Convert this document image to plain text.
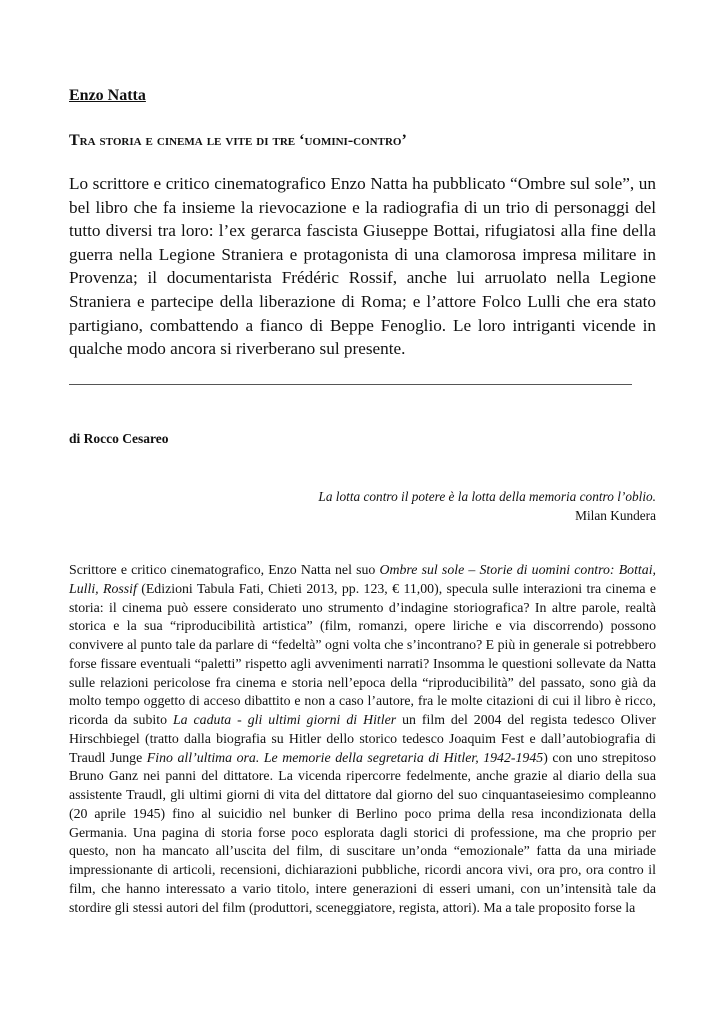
Enzo Natta
Tra storia e cinema le vite di tre ‘uomini-contro’

Lo scrittore e critico cinematografico Enzo Natta ha pubblicato “Ombre sul sole”, un bel libro che fa insieme la rievocazione e la radiografia di un trio di personaggi del tutto diversi tra loro: l’ex gerarca fascista Giuseppe Bottai, rifugiatosi alla fine della guerra nella Legione Straniera e protagonista di una clamorosa impresa militare in Provenza; il documentarista Frédéric Rossif, anche lui arruolato nella Legione Straniera e partecipe della liberazione di Roma; e l’attore Folco Lulli che era stato partigiano, combattendo a fianco di Beppe Fenoglio. Le loro intriganti vicende in qualche modo ancora si riverberano sul presente.

di Rocco Cesareo
La lotta contro il potere è la lotta della memoria contro l’oblio.
Milan Kundera

Scrittore e critico cinematografico, Enzo Natta nel suo Ombre sul sole – Storie di uomini contro: Bottai, Lulli, Rossif (Edizioni Tabula Fati, Chieti 2013, pp. 123, € 11,00), specula sulle interazioni tra cinema e storia: il cinema può essere considerato uno strumento d’indagine storiografica? In altre parole, realtà storica e la sua “riproducibilità artistica” (film, romanzi, opere liriche e via discorrendo) possono convivere al punto tale da parlare di “fedeltà” ogni volta che s’incontrano? E più in generale si potrebbero forse fissare eventuali “paletti” rispetto agli avvenimenti narrati? Insomma le questioni sollevate da Natta sulle relazioni pericolose fra cinema e storia nell’epoca della “riproducibilità” del passato, sono già da molto tempo oggetto di acceso dibattito e non a caso l’autore, fra le molte citazioni di cui il libro è ricco, ricorda da subito La caduta - gli ultimi giorni di Hitler un film del 2004 del regista tedesco Oliver Hirschbiegel (tratto dalla biografia su Hitler dello storico tedesco Joaquim Fest e dall’autobiografia di Traudl Junge Fino all’ultima ora. Le memorie della segretaria di Hitler, 1942-1945) con uno strepitoso Bruno Ganz nei panni del dittatore. La vicenda ripercorre fedelmente, anche grazie al diario della sua assistente Traudl, gli ultimi giorni di vita del dittatore dal giorno del suo cinquantaseiesimo compleanno (20 aprile 1945) fino al suicidio nel bunker di Berlino poco prima della resa incondizionata della Germania. Una pagina di storia forse poco esplorata dagli storici di professione, ma che proprio per questo, non ha mancato all’uscita del film, di suscitare un’onda “emozionale” fatta da una miriade impressionante di articoli, recensioni, dichiarazioni pubbliche, ricordi ancora vivi, ora pro, ora contro il film, che hanno interessato a vario titolo, intere generazioni di esseri umani, con un’intensità tale da stordire gli stessi autori del film (produttori, sceneggiatore, regista, attori). Ma a tale proposito forse la
